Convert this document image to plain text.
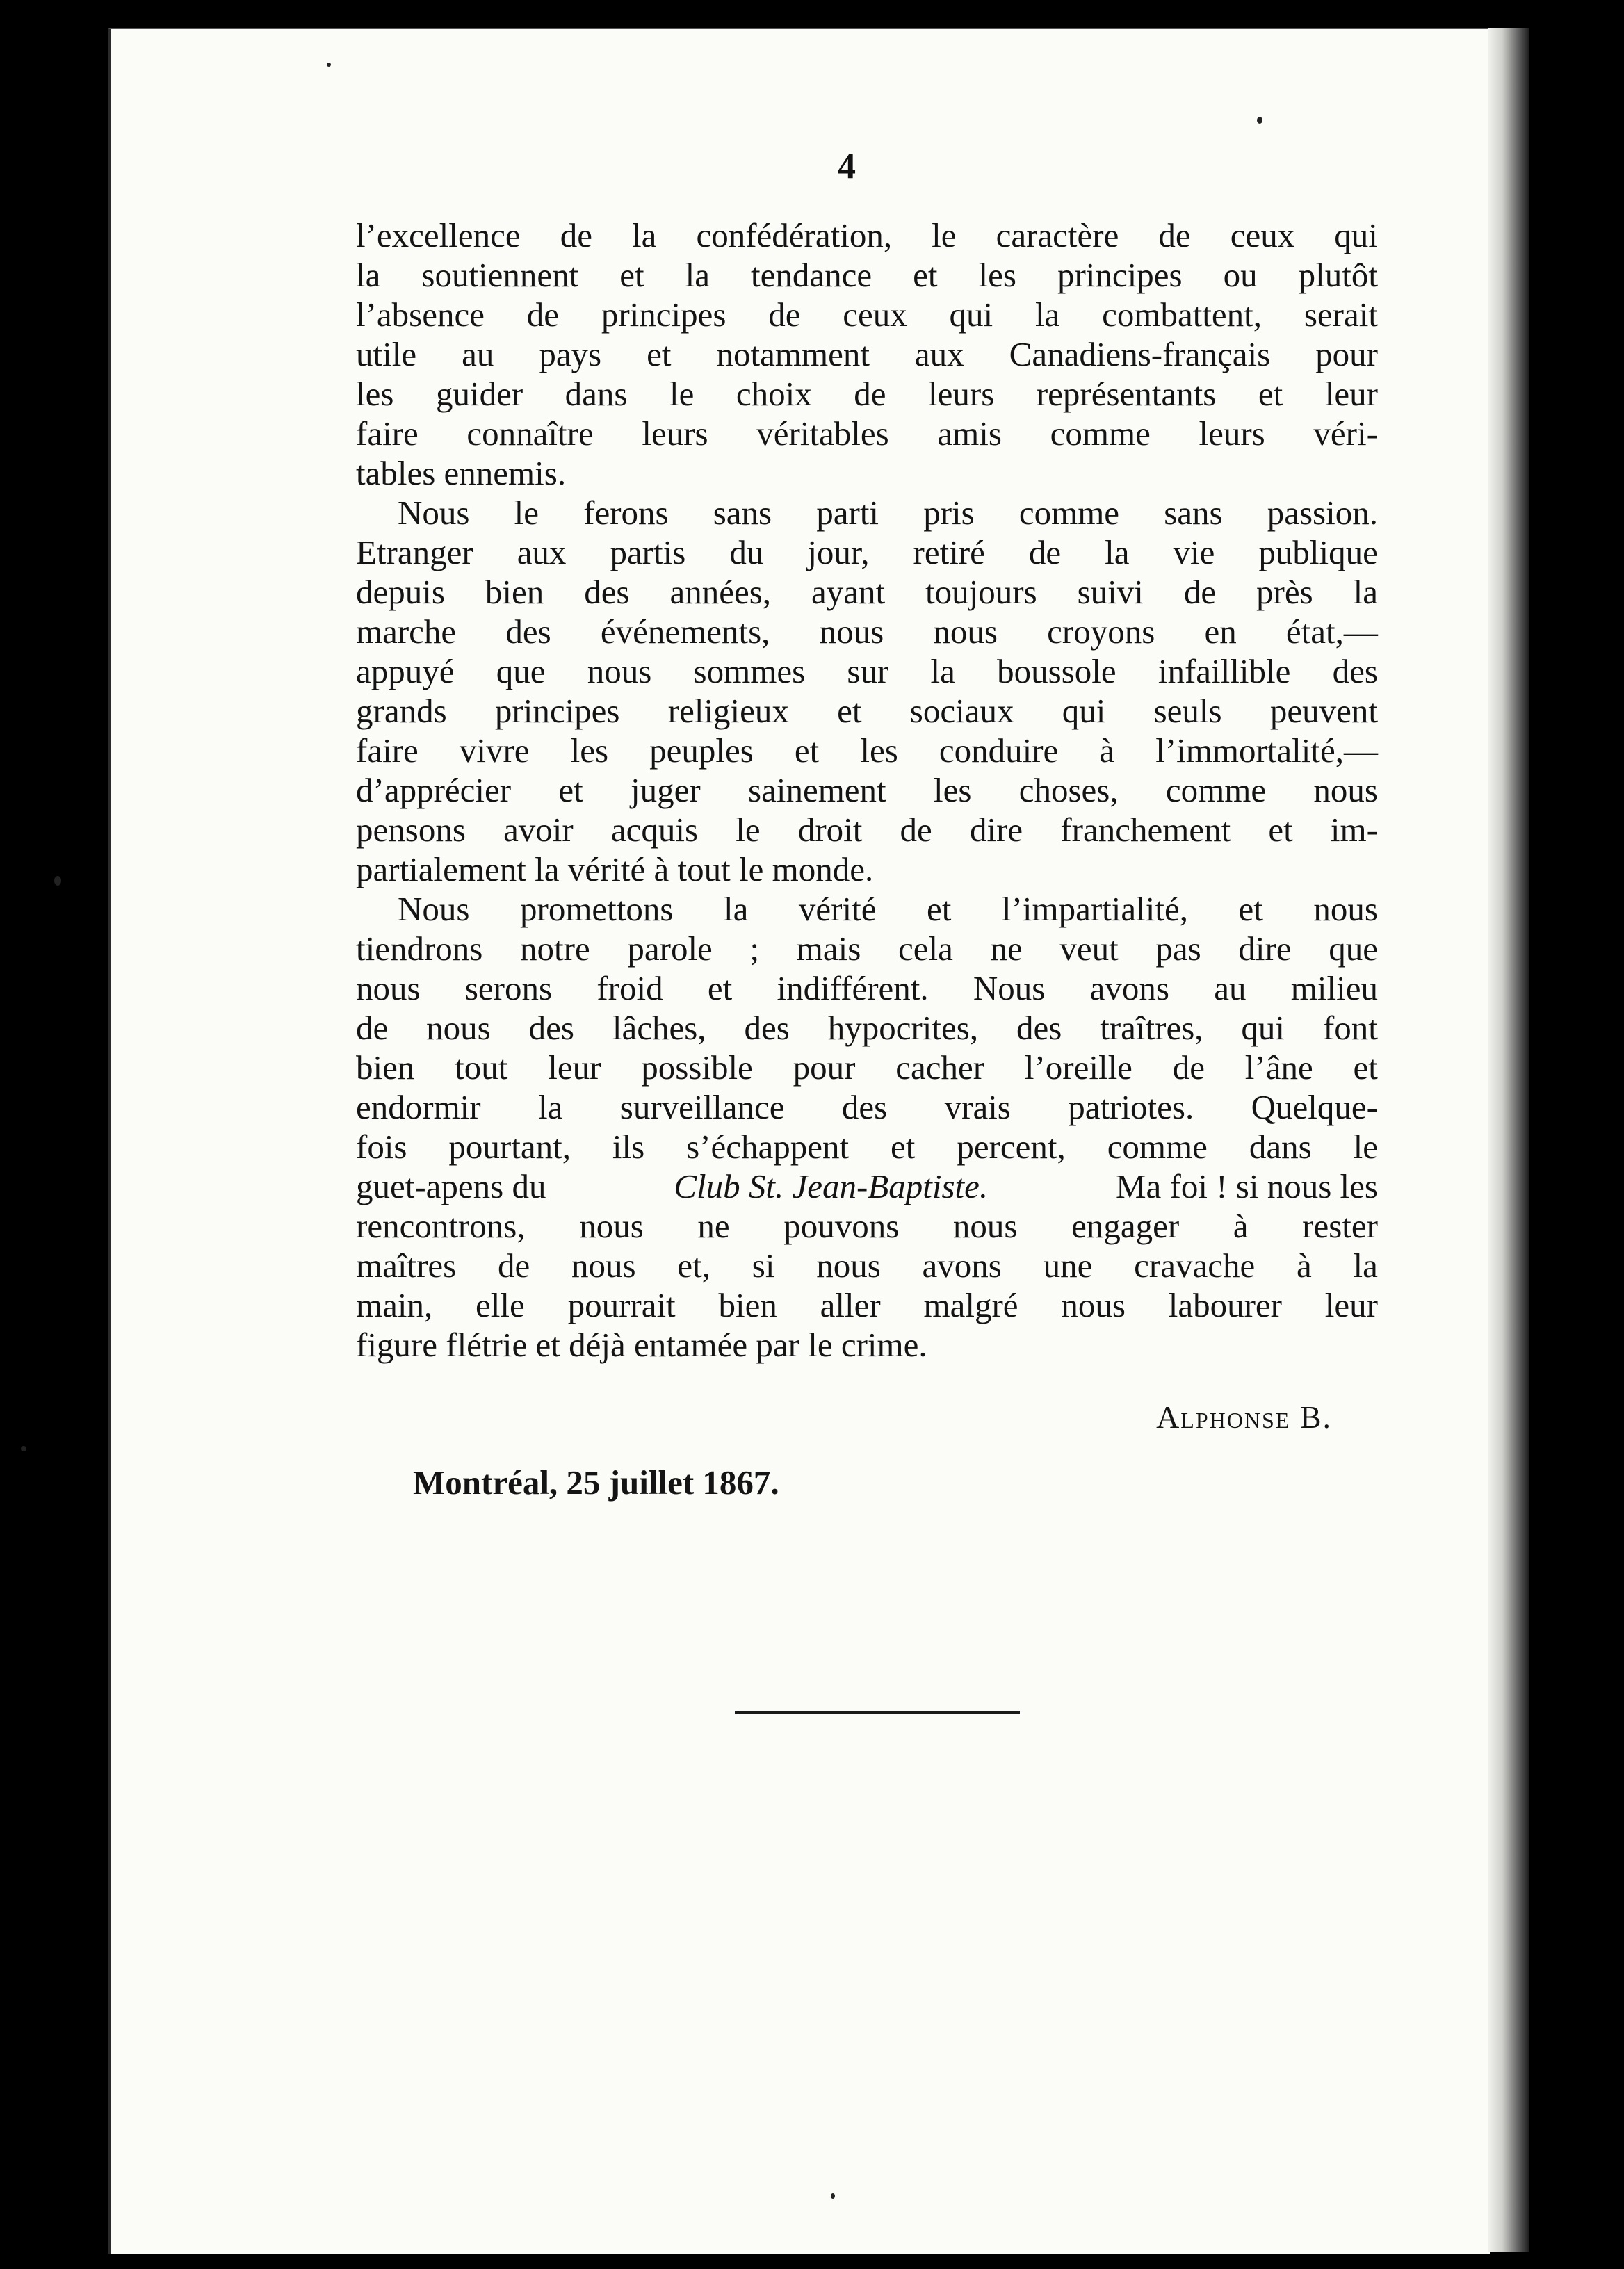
4
l’excellence de la confédération, le caractère de ceux qui
la soutiennent et la tendance et les principes ou plutôt
l’absence de principes de ceux qui la combattent, serait
utile au pays et notamment aux Canadiens-français pour
les guider dans le choix de leurs représentants et leur
faire connaître leurs véritables amis comme leurs véri-
tables ennemis.
Nous le ferons sans parti pris comme sans passion.
Etranger aux partis du jour, retiré de la vie publique
depuis bien des années, ayant toujours suivi de près la
marche des événements, nous nous croyons en état,—
appuyé que nous sommes sur la boussole infaillible des
grands principes religieux et sociaux qui seuls peuvent
faire vivre les peuples et les conduire à l’immortalité,—
d’apprécier et juger sainement les choses, comme nous
pensons avoir acquis le droit de dire franchement et im-
partialement la vérité à tout le monde.
Nous promettons la vérité et l’impartialité, et nous
tiendrons notre parole ; mais cela ne veut pas dire que
nous serons froid et indifférent. Nous avons au milieu
de nous des lâches, des hypocrites, des traîtres, qui font
bien tout leur possible pour cacher l’oreille de l’âne et
endormir la surveillance des vrais patriotes. Quelque-
fois pourtant, ils s’échappent et percent, comme dans le
guet-apens du	Club St. Jean-Baptiste.	Ma foi ! si nous les
rencontrons, nous ne pouvons nous engager à rester
maîtres de nous et, si nous avons une cravache à la
main, elle pourrait bien aller malgré nous labourer leur
figure flétrie et déjà entamée par le crime.
Alphonse B.
Montréal, 25 juillet 1867.
